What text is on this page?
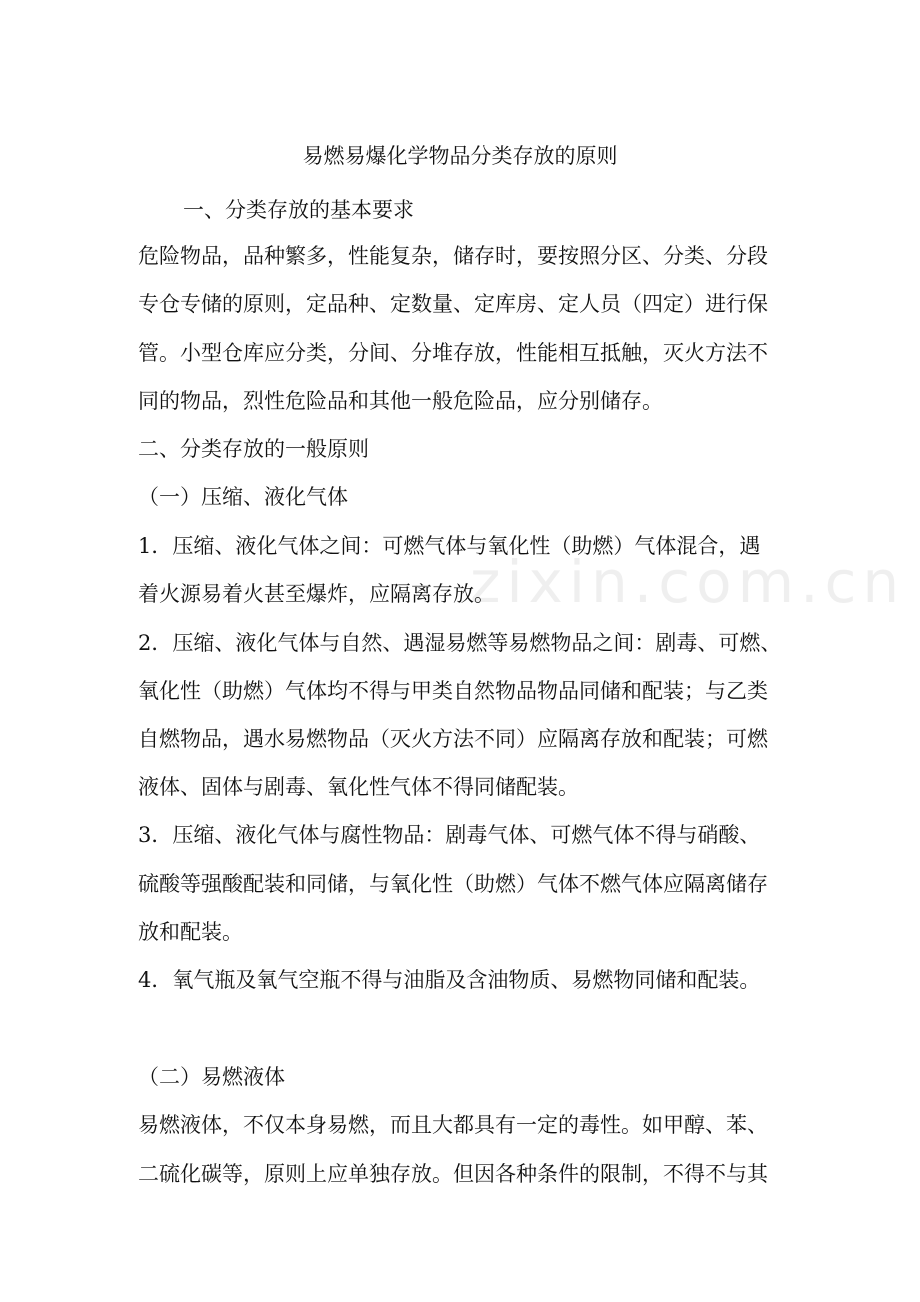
zixin.com.cn
易燃易爆化学物品分类存放的原则
一、分类存放的基本要求
危险物品，品种繁多，性能复杂，储存时，要按照分区、分类、分段
专仓专储的原则，定品种、定数量、定库房、定人员（四定）进行保
管。小型仓库应分类，分间、分堆存放，性能相互抵触，灭火方法不
同的物品，烈性危险品和其他一般危险品，应分别储存。
二、分类存放的一般原则
（一）压缩、液化气体
1．压缩、液化气体之间：可燃气体与氧化性（助燃）气体混合，遇
着火源易着火甚至爆炸，应隔离存放。
2．压缩、液化气体与自然、遇湿易燃等易燃物品之间：剧毒、可燃、
氧化性（助燃）气体均不得与甲类自然物品物品同储和配装；与乙类
自燃物品，遇水易燃物品（灭火方法不同）应隔离存放和配装；可燃
液体、固体与剧毒、氧化性气体不得同储配装。
3．压缩、液化气体与腐性物品：剧毒气体、可燃气体不得与硝酸、
硫酸等强酸配装和同储，与氧化性（助燃）气体不燃气体应隔离储存
放和配装。
4．氧气瓶及氧气空瓶不得与油脂及含油物质、易燃物同储和配装。
（二）易燃液体
易燃液体，不仅本身易燃，而且大都具有一定的毒性。如甲醇、苯、
二硫化碳等，原则上应单独存放。但因各种条件的限制，不得不与其
